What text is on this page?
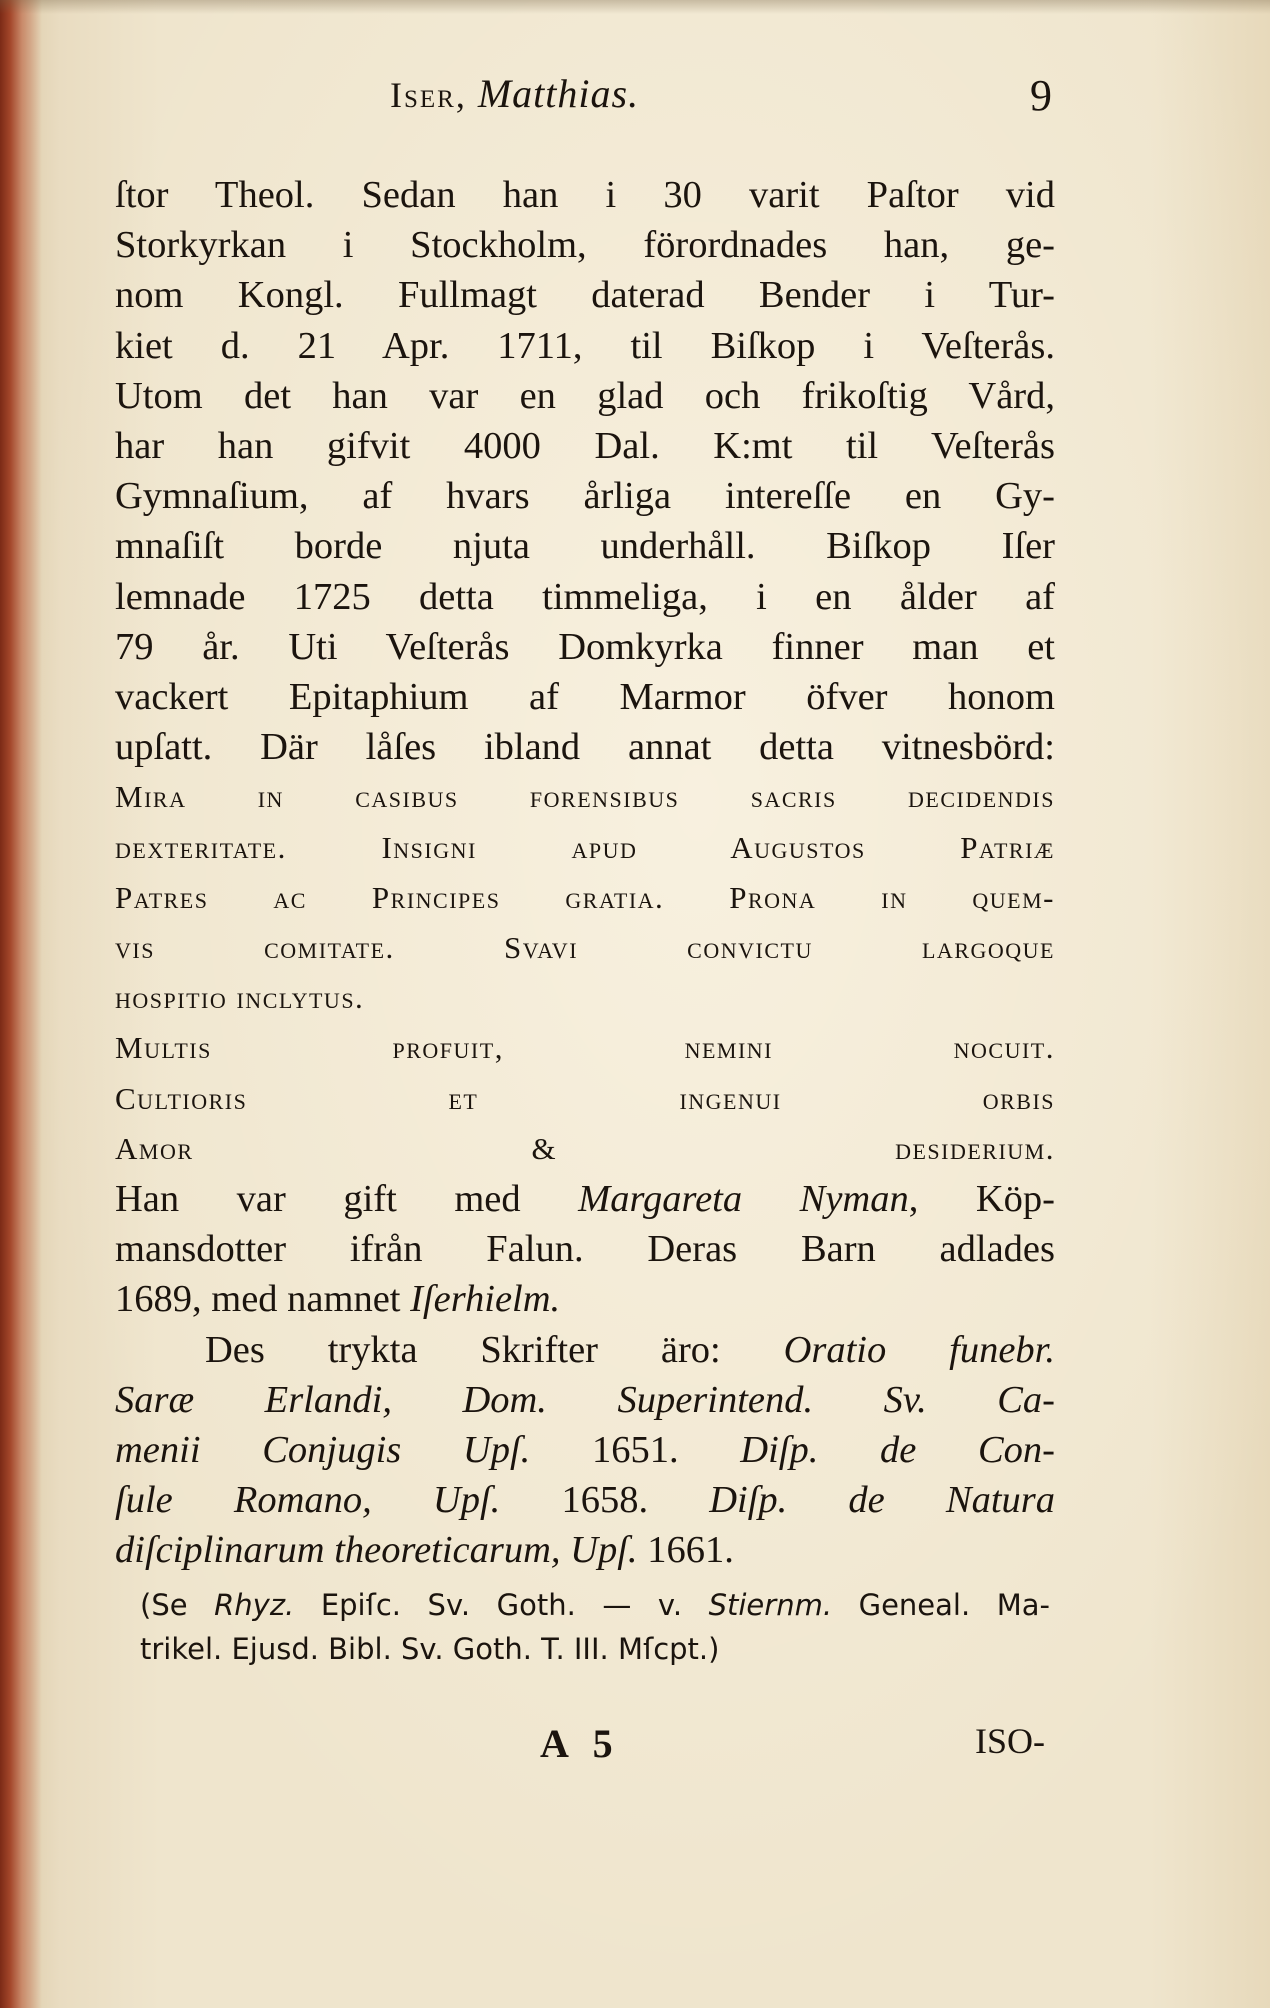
Iser, Matthias.	9

ſtor Theol. Sedan han i 30 varit Paſtor vid

Storkyrkan i Stockholm, förordnades han, ge-

nom Kongl. Fullmagt daterad Bender i Tur-

kiet d. 21 Apr. 1711, til Biſkop i Veſterås.

Utom det han var en glad och frikoſtig Vård,

har han gifvit 4000 Dal. K:mt til Veſterås

Gymnaſium, af hvars årliga intereſſe en Gy-

mnaſiſt borde njuta underhåll. Biſkop Iſer

lemnade 1725 detta timmeliga, i en ålder af

79 år. Uti Veſterås Domkyrka finner man et

vackert Epitaphium af Marmor öfver honom

upſatt. Där låſes ibland annat detta vitnesbörd:

Mira in casibus forensibus sacris decidendis

dexteritate. Insigni apud Augustos Patriæ

Patres ac Principes gratia. Prona in quem-

vis comitate. Svavi convictu largoque

hospitio inclytus.

Multis profuit, nemini nocuit.

Cultioris et ingenui orbis

Amor & desiderium.

Han var gift med Margareta Nyman, Köp-

mansdotter ifrån Falun. Deras Barn adlades

1689, med namnet Iſerhielm.

Des trykta Skrifter äro: Oratio funebr.

Saræ Erlandi, Dom. Superintend. Sv. Ca-

menii Conjugis Upſ. 1651. Diſp. de Con-

ſule Romano, Upſ. 1658. Diſp. de Natura

diſciplinarum theoreticarum, Upſ. 1661.

(Se Rhyz. Epiſc. Sv. Goth. — v. Stiernm. Geneal. Ma-

trikel. Ejusd. Bibl. Sv. Goth. T. III. Mſcpt.)

A 5	ISO-
